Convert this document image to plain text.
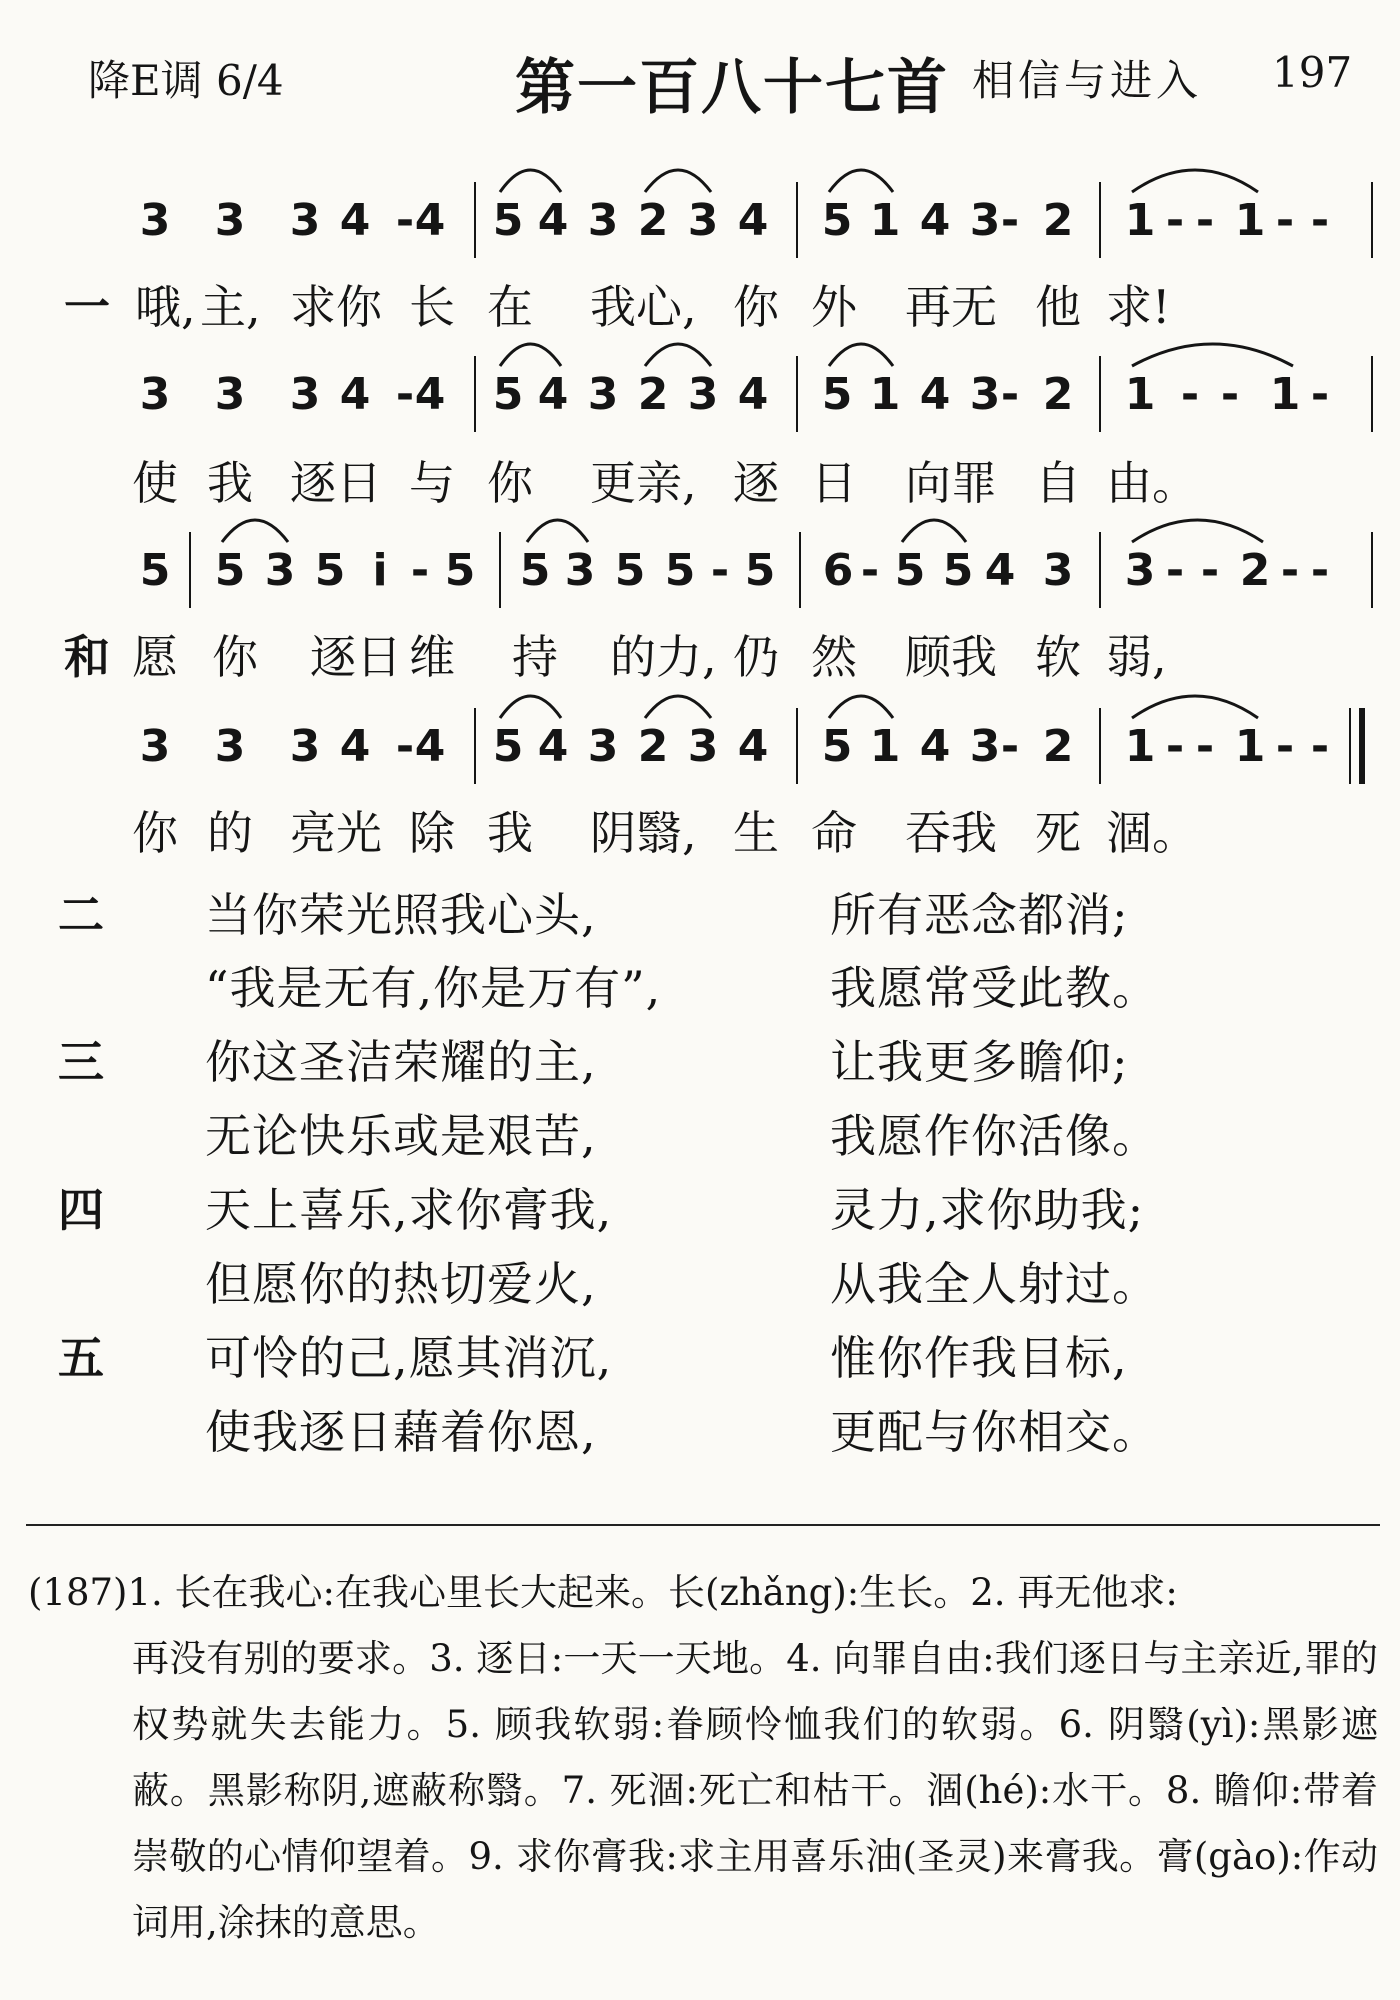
降E调 6/4	第一百八十七首 相信与进入 197
一
3 3 3 4 - 4 5 4 3 2 3 4 5 1 4 3 - 2 1 - - 1 - -
哦, 主, 求你 长 在 我心, 你 外 再无 他 求!
3 3 3 4 - 4 5 4 3 2 3 4 5 1 4 3 - 2 1 - - 1 -
使 我 逐日 与 你 更亲, 逐 日 向罪 自 由。
和
5 5 3 5 i - 5 5 3 5 5 - 5 6 - 5 5 4 3 3 - - 2 - -
愿 你 逐日 维 持 的力, 仍 然 顾我 软 弱,
3 3 3 4 - 4 5 4 3 2 3 4 5 1 4 3 - 2 1 - - 1 - -
你 的 亮光 除 我 阴翳, 生 命 吞我 死 涸。
二 当你荣光照我心头,	所有恶念都消;
“我是无有,你是万有”,	我愿常受此教。
三 你这圣洁荣耀的主,	让我更多瞻仰;
无论快乐或是艰苦,	我愿作你活像。
四 天上喜乐,求你膏我,	灵力,求你助我;
但愿你的热切爱火,	从我全人射过。
五 可怜的己,愿其消沉,	惟你作我目标,
使我逐日藉着你恩,	更配与你相交。
(187)1. 长在我心:在我心里长大起来。长(zhǎng):生长。2. 再无他求:
再没有别的要求。3. 逐日:一天一天地。4. 向罪自由:我们逐日与主亲近,罪的权势就失去能力。5. 顾我软弱:眷顾怜恤我们的软弱。6. 阴翳(yì):黑影遮蔽。黑影称阴,遮蔽称翳。7. 死涸:死亡和枯干。涸(hé):水干。8. 瞻仰:带着崇敬的心情仰望着。9. 求你膏我:求主用喜乐油(圣灵)来膏我。膏(gào):作动词用,涂抹的意思。
